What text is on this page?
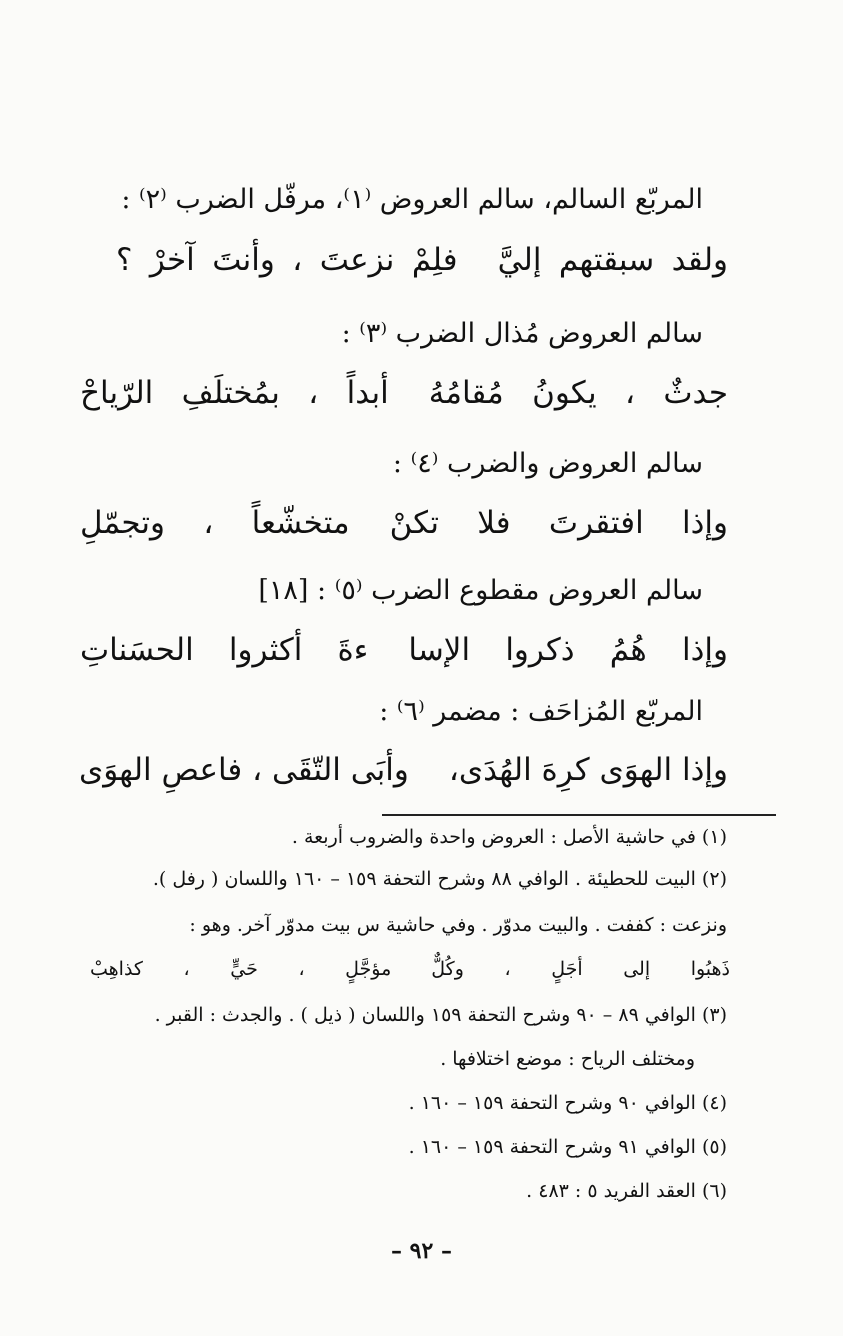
المربّع السالم، سالم العروض ⁽١⁾، مرفّل الضرب ⁽٢⁾ :

ولقد سبقتهم إليَّفلِمْ نزعتَ ، وأنتَ آخرْ ؟

سالم العروض مُذال الضرب ⁽٣⁾ :

جدثٌ ، يكونُ مُقامُهُأبداً ، بمُختلَفِ الرّياحْ

سالم العروض والضرب ⁽٤⁾ :

وإذا افتقرتَ فلا تكنْمتخشّعاً ، وتجمّلِ

سالم العروض مقطوع الضرب ⁽٥⁾ : [١٨]

وإذا هُمُ ذكروا الإساءةَ أكثروا الحسَناتِ

المربّع المُزاحَف : مضمر ⁽٦⁾ :

وإذا الهوَى كرِهَ الهُدَى،وأبَى التّقَى ، فاعصِ الهوَى

(١) في حاشية الأصل : العروض واحدة والضروب أربعة .

(٢) البيت للحطيئة . الوافي ٨٨ وشرح التحفة ١٥٩ – ١٦٠ واللسان ( رفل ).

ونزعت : كففت . والبيت مدوّر . وفي حاشية س بيت مدوّر آخر. وهو :

ذَهبُوا إلى أجَلٍ ، وكُلٌّمؤجَّلٍ ، حَيٍّ ، كذاهِبْ

(٣) الوافي ٨٩ – ٩٠ وشرح التحفة ١٥٩ واللسان ( ذيل ) . والجدث : القبر .

ومختلف الرياح : موضع اختلافها .

(٤) الوافي ٩٠ وشرح التحفة ١٥٩ – ١٦٠ .

(٥) الوافي ٩١ وشرح التحفة ١٥٩ – ١٦٠ .

(٦) العقد الفريد ٥ : ٤٨٣ .

– ٩٢ –
